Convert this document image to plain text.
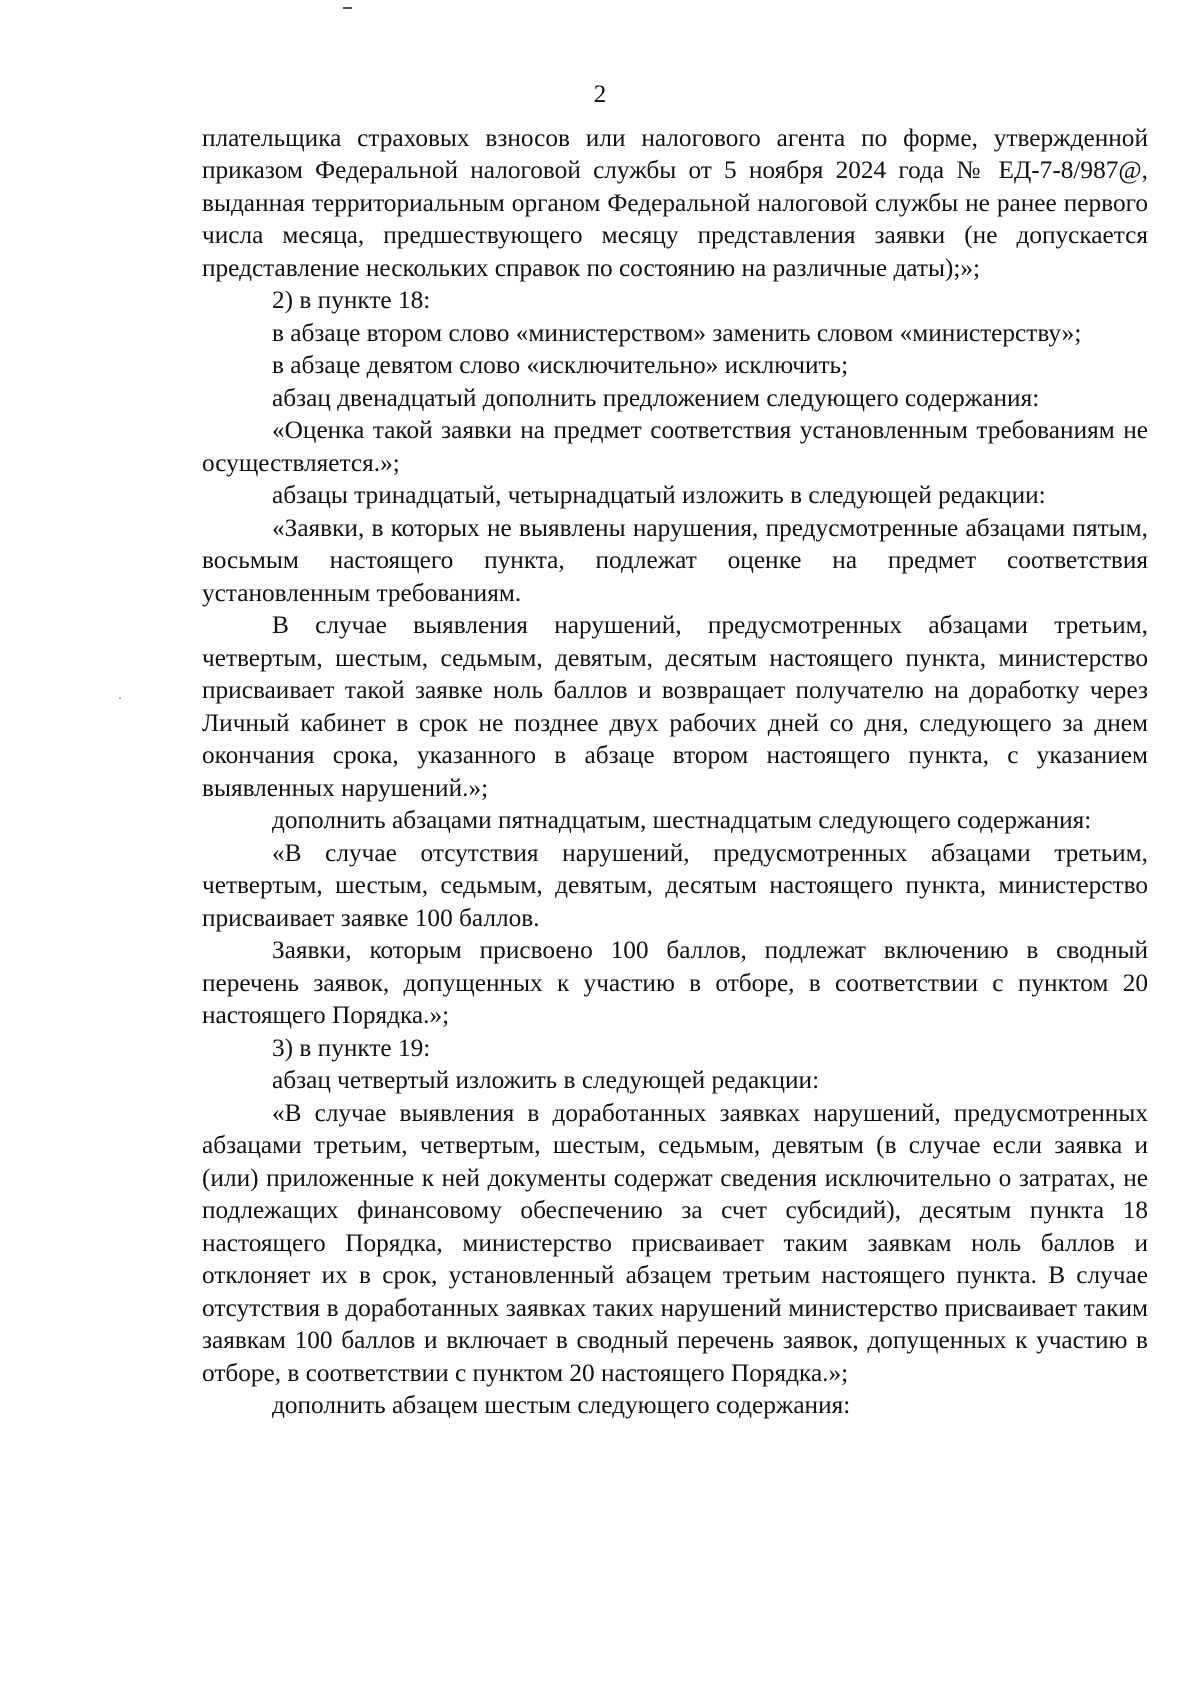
2

плательщика страховых взносов или налогового агента по форме, утвержденной приказом Федеральной налоговой службы от 5 ноября 2024 года № ЕД-7-8/987@, выданная территориальным органом Федеральной налоговой службы не ранее первого числа месяца, предшествующего месяцу представления заявки (не допускается представление нескольких справок по состоянию на различные даты);»;

2) в пункте 18:

в абзаце втором слово «министерством» заменить словом «министерству»;

в абзаце девятом слово «исключительно» исключить;

абзац двенадцатый дополнить предложением следующего содержания:

«Оценка такой заявки на предмет соответствия установленным требованиям не осуществляется.»;

абзацы тринадцатый, четырнадцатый изложить в следующей редакции:

«Заявки, в которых не выявлены нарушения, предусмотренные абзацами пятым, восьмым настоящего пункта, подлежат оценке на предмет соответствия установленным требованиям.

В случае выявления нарушений, предусмотренных абзацами третьим, четвертым, шестым, седьмым, девятым, десятым настоящего пункта, министерство присваивает такой заявке ноль баллов и возвращает получателю на доработку через Личный кабинет в срок не позднее двух рабочих дней со дня, следующего за днем окончания срока, указанного в абзаце втором настоящего пункта, с указанием выявленных нарушений.»;

дополнить абзацами пятнадцатым, шестнадцатым следующего содержания:

«В случае отсутствия нарушений, предусмотренных абзацами третьим, четвертым, шестым, седьмым, девятым, десятым настоящего пункта, министерство присваивает заявке 100 баллов.

Заявки, которым присвоено 100 баллов, подлежат включению в сводный перечень заявок, допущенных к участию в отборе, в соответствии с пунктом 20 настоящего Порядка.»;

3) в пункте 19:

абзац четвертый изложить в следующей редакции:

«В случае выявления в доработанных заявках нарушений, предусмотренных абзацами третьим, четвертым, шестым, седьмым, девятым (в случае если заявка и (или) приложенные к ней документы содержат сведения исключительно о затратах, не подлежащих финансовому обеспечению за счет субсидий), десятым пункта 18 настоящего Порядка, министерство присваивает таким заявкам ноль баллов и отклоняет их в срок, установленный абзацем третьим настоящего пункта. В случае отсутствия в доработанных заявках таких нарушений министерство присваивает таким заявкам 100 баллов и включает в сводный перечень заявок, допущенных к участию в отборе, в соответствии с пунктом 20 настоящего Порядка.»;

дополнить абзацем шестым следующего содержания:
